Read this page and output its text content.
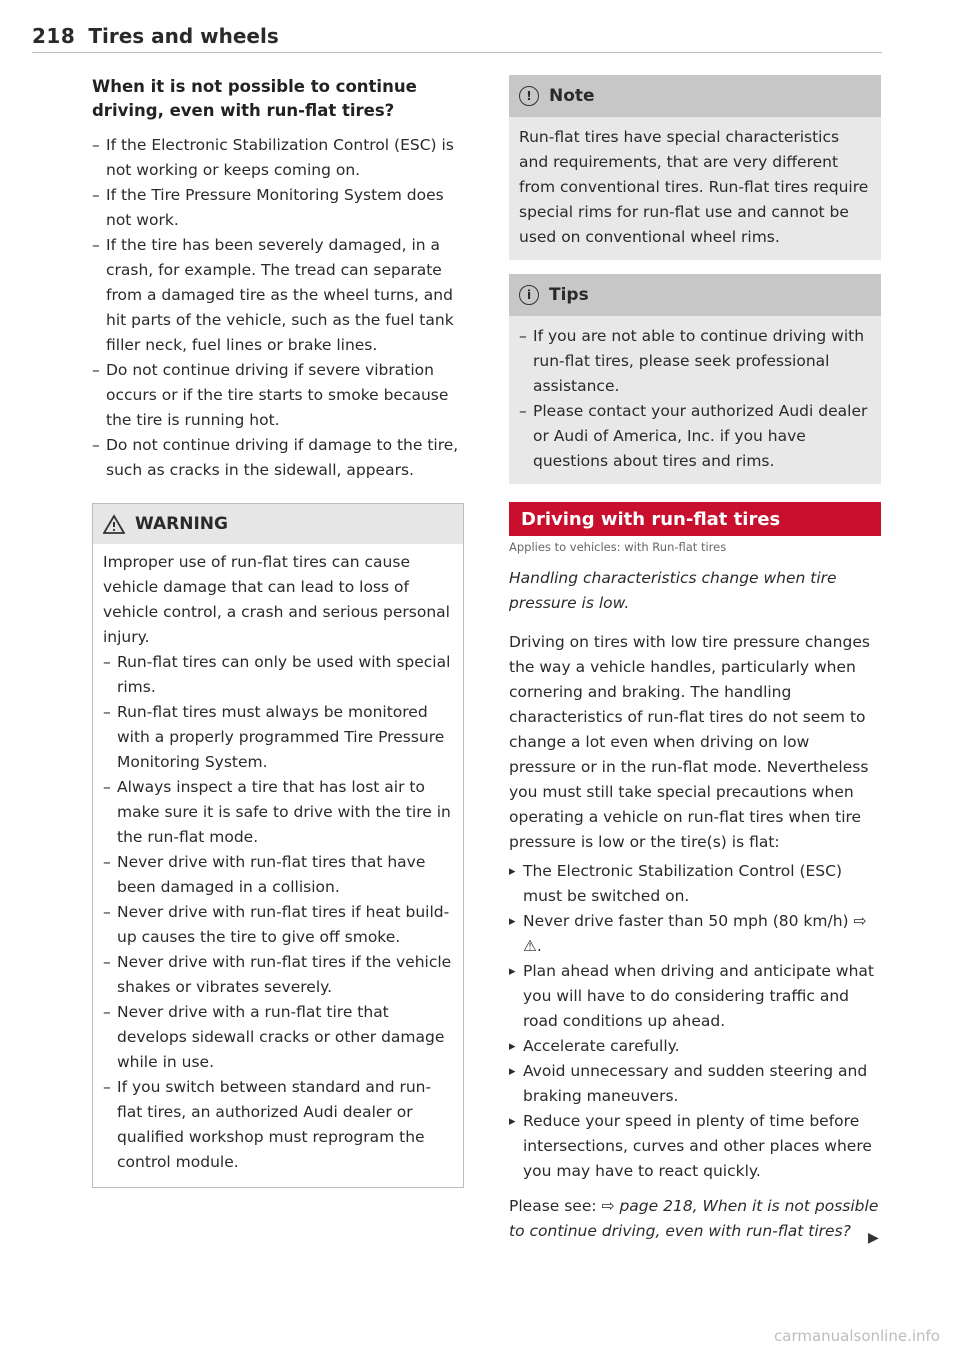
218 Tires and wheels
When it is not possible to continue driving, even with run-flat tires?
– If the Electronic Stabilization Control (ESC) is not working or keeps coming on.
– If the Tire Pressure Monitoring System does not work.
– If the tire has been severely damaged, in a crash, for example. The tread can separate from a damaged tire as the wheel turns, and hit parts of the vehicle, such as the fuel tank filler neck, fuel lines or brake lines.
– Do not continue driving if severe vibration occurs or if the tire starts to smoke because the tire is running hot.
– Do not continue driving if damage to the tire, such as cracks in the sidewall, appears.
WARNING

Improper use of run-flat tires can cause vehicle damage that can lead to loss of vehicle control, a crash and serious personal injury.

– Run-flat tires can only be used with special rims.
– Run-flat tires must always be monitored with a properly programmed Tire Pressure Monitoring System.
– Always inspect a tire that has lost air to make sure it is safe to drive with the tire in the run-flat mode.
– Never drive with run-flat tires that have been damaged in a collision.
– Never drive with run-flat tires if heat build-up causes the tire to give off smoke.
– Never drive with run-flat tires if the vehicle shakes or vibrates severely.
– Never drive with a run-flat tire that develops sidewall cracks or other damage while in use.
– If you switch between standard and run-flat tires, an authorized Audi dealer or qualified workshop must reprogram the control module.
!	Note

Run-flat tires have special characteristics and requirements, that are very different from conventional tires. Run-flat tires require special rims for run-flat use and cannot be used on conventional wheel rims.

i	Tips
– If you are not able to continue driving with run-flat tires, please seek professional assistance.
– Please contact your authorized Audi dealer or Audi of America, Inc. if you have questions about tires and rims.
Driving with run-flat tires
Applies to vehicles: with Run-flat tires

Handling characteristics change when tire pressure is low.

Driving on tires with low tire pressure changes the way a vehicle handles, particularly when cornering and braking. The handling characteristics of run-flat tires do not seem to change a lot even when driving on low pressure or in the run-flat mode. Nevertheless you must still take special precautions when operating a vehicle on run-flat tires when tire pressure is low or the tire(s) is flat:

▸ The Electronic Stabilization Control (ESC) must be switched on.
▸ Never drive faster than 50 mph (80 km/h) ⇨ ⚠.
▸ Plan ahead when driving and anticipate what you will have to do considering traffic and road conditions up ahead.
▸ Accelerate carefully.
▸ Avoid unnecessary and sudden steering and braking maneuvers.
▸ Reduce your speed in plenty of time before intersections, curves and other places where you may have to react quickly.

Please see: ⇨ page 218, When it is not possible to continue driving, even with run-flat tires?	▶
carmanualsonline.info
